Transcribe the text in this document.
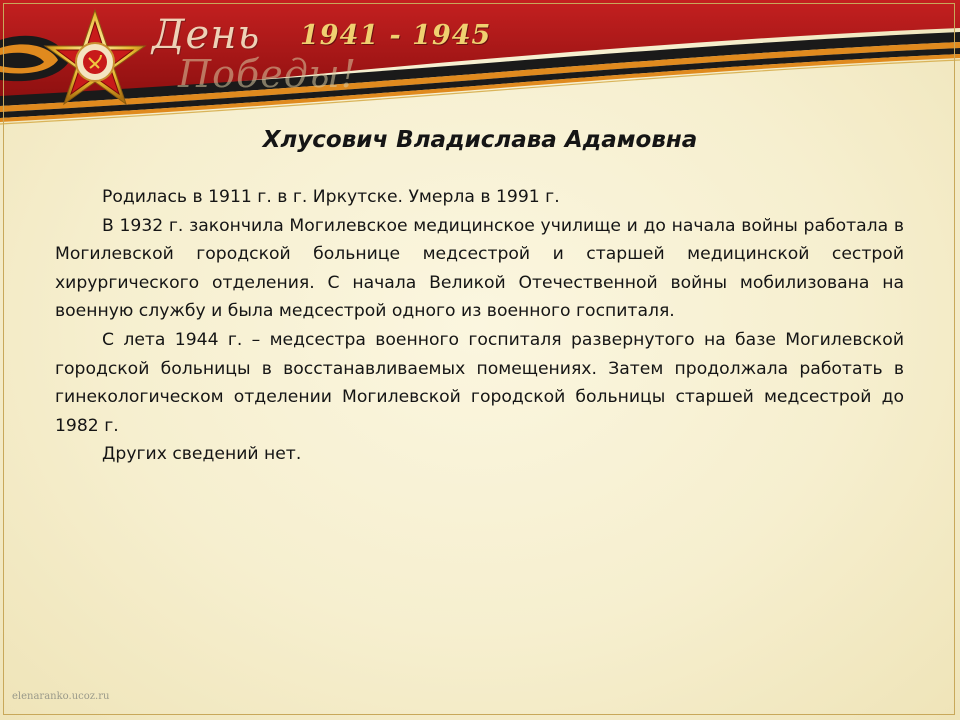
День
Победы!
1941 - 1945
Хлусович Владислава Адамовна

Родилась в 1911 г. в г. Иркутске. Умерла в 1991 г.

В 1932 г. закончила Могилевское медицинское училище и до начала войны работала в Могилевской городской больнице медсестрой и старшей медицинской сестрой хирургического отделения. С начала Великой Отечественной войны мобилизована на военную службу и была медсестрой одного из военного госпиталя.

С лета 1944 г. – медсестра военного госпиталя развернутого на базе Могилевской городской больницы в восстанавливаемых помещениях. Затем продолжала работать в гинекологическом отделении Могилевской городской больницы старшей медсестрой до 1982 г.

Других сведений нет.

elenaranko.ucoz.ru
